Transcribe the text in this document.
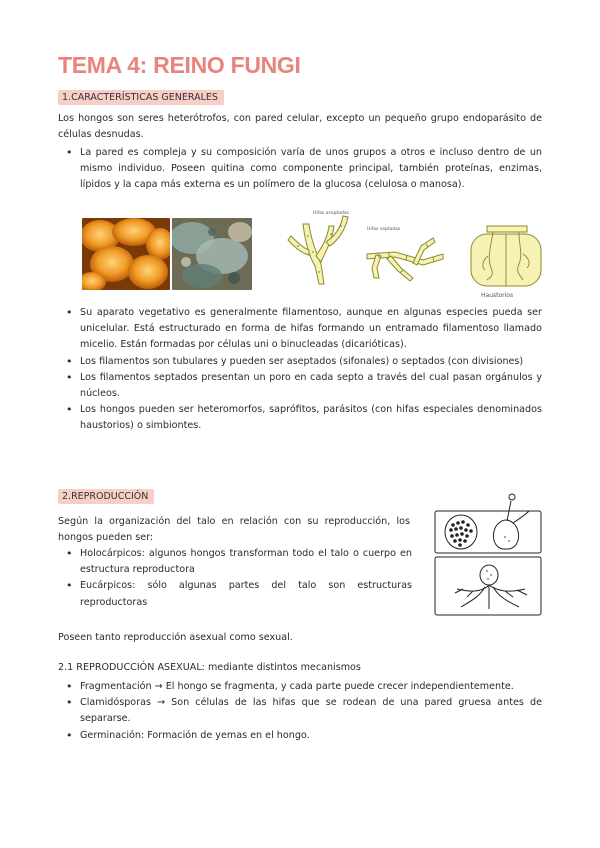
TEMA 4: REINO FUNGI
1.CARACTERÍSTICAS GENERALES
Los hongos son seres heterótrofos, con pared celular, excepto un pequeño grupo endoparásito de células desnudas.
• La pared es compleja y su composición varía de unos grupos a otros e incluso dentro de un mismo individuo. Poseen quitina como componente principal, también proteínas, enzimas, lípidos y la capa más externa es un polímero de la glucosa (celulosa o manosa).
Hifas aseptadas
Hifas septadas
Haustorios
• Su aparato vegetativo es generalmente filamentoso, aunque en algunas especies pueda ser unicelular. Está estructurado en forma de hifas formando un entramado filamentoso llamado micelio. Están formadas por células uni o binucleadas (dicarióticas).
• Los filamentos son tubulares y pueden ser aseptados (sifonales) o septados (con divisiones)
• Los filamentos septados presentan un poro en cada septo a través del cual pasan orgánulos y núcleos.
• Los hongos pueden ser heteromorfos, saprófitos, parásitos (con hifas especiales denominados haustorios) o simbiontes.
2.REPRODUCCIÓN
Según la organización del talo en relación con su reproducción, los hongos pueden ser:
• Holocárpicos: algunos hongos transforman todo el talo o cuerpo en estructura reproductora
• Eucárpicos: sólo algunas partes del talo son estructuras reproductoras
Poseen tanto reproducción asexual como sexual.
2.1 REPRODUCCIÓN ASEXUAL: mediante distintos mecanismos
• Fragmentación → El hongo se fragmenta, y cada parte puede crecer independientemente.
• Clamidósporas → Son células de las hifas que se rodean de una pared gruesa antes de separarse.
• Germinación: Formación de yemas en el hongo.
